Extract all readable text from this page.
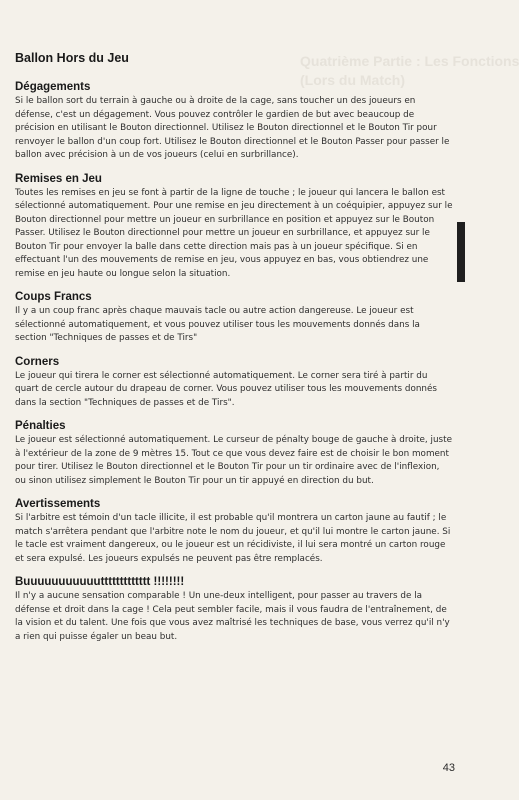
Quatrième Partie : Les Fonctions
(Lors du Match)
Ballon Hors du Jeu
Dégagements

Si le ballon sort du terrain à gauche ou à droite de la cage, sans toucher un des joueurs en défense, c'est un dégagement. Vous pouvez contrôler le gardien de but avec beaucoup de précision en utilisant le Bouton directionnel. Utilisez le Bouton directionnel et le Bouton Tir pour renvoyer le ballon d'un coup fort. Utilisez le Bouton directionnel et le Bouton Passer pour passer le ballon avec précision à un de vos joueurs (celui en surbrillance).

Remises en Jeu

Toutes les remises en jeu se font à partir de la ligne de touche ; le joueur qui lancera le ballon est sélectionné automatiquement. Pour une remise en jeu directement à un coéquipier, appuyez sur le Bouton directionnel pour mettre un joueur en surbrillance en position et appuyez sur le Bouton Passer. Utilisez le Bouton directionnel pour mettre un joueur en surbrillance, et appuyez sur le Bouton Tir pour envoyer la balle dans cette direction mais pas à un joueur spécifique. Si en effectuant l'un des mouvements de remise en jeu, vous appuyez en bas, vous obtiendrez une remise en jeu haute ou longue selon la situation.

Coups Francs

Il y a un coup franc après chaque mauvais tacle ou autre action dangereuse. Le joueur est sélectionné automatiquement, et vous pouvez utiliser tous les mouvements donnés dans la section "Techniques de passes et de Tirs"

Corners

Le joueur qui tirera le corner est sélectionné automatiquement. Le corner sera tiré à partir du quart de cercle autour du drapeau de corner. Vous pouvez utiliser tous les mouvements donnés dans la section "Techniques de passes et de Tirs".

Pénalties

Le joueur est sélectionné automatiquement. Le curseur de pénalty bouge de gauche à droite, juste à l'extérieur de la zone de 9 mètres 15. Tout ce que vous devez faire est de choisir le bon moment pour tirer. Utilisez le Bouton directionnel et le Bouton Tir pour un tir ordinaire avec de l'inflexion, ou sinon utilisez simplement le Bouton Tir pour un tir appuyé en direction du but.

Avertissements

Si l'arbitre est témoin d'un tacle illicite, il est probable qu'il montrera un carton jaune au fautif ; le match s'arrêtera pendant que l'arbitre note le nom du joueur, et qu'il lui montre le carton jaune. Si le tacle est vraiment dangereux, ou le joueur est un récidiviste, il lui sera montré un carton rouge et sera expulsé. Les joueurs expulsés ne peuvent pas être remplacés.

Buuuuuuuuuuuttttttttttttt !!!!!!!!

Il n'y a aucune sensation comparable ! Un une-deux intelligent, pour passer au travers de la défense et droit dans la cage ! Cela peut sembler facile, mais il vous faudra de l'entraînement, de la vision et du talent. Une fois que vous avez maîtrisé les techniques de base, vous verrez qu'il n'y a rien qui puisse égaler un beau but.

43
